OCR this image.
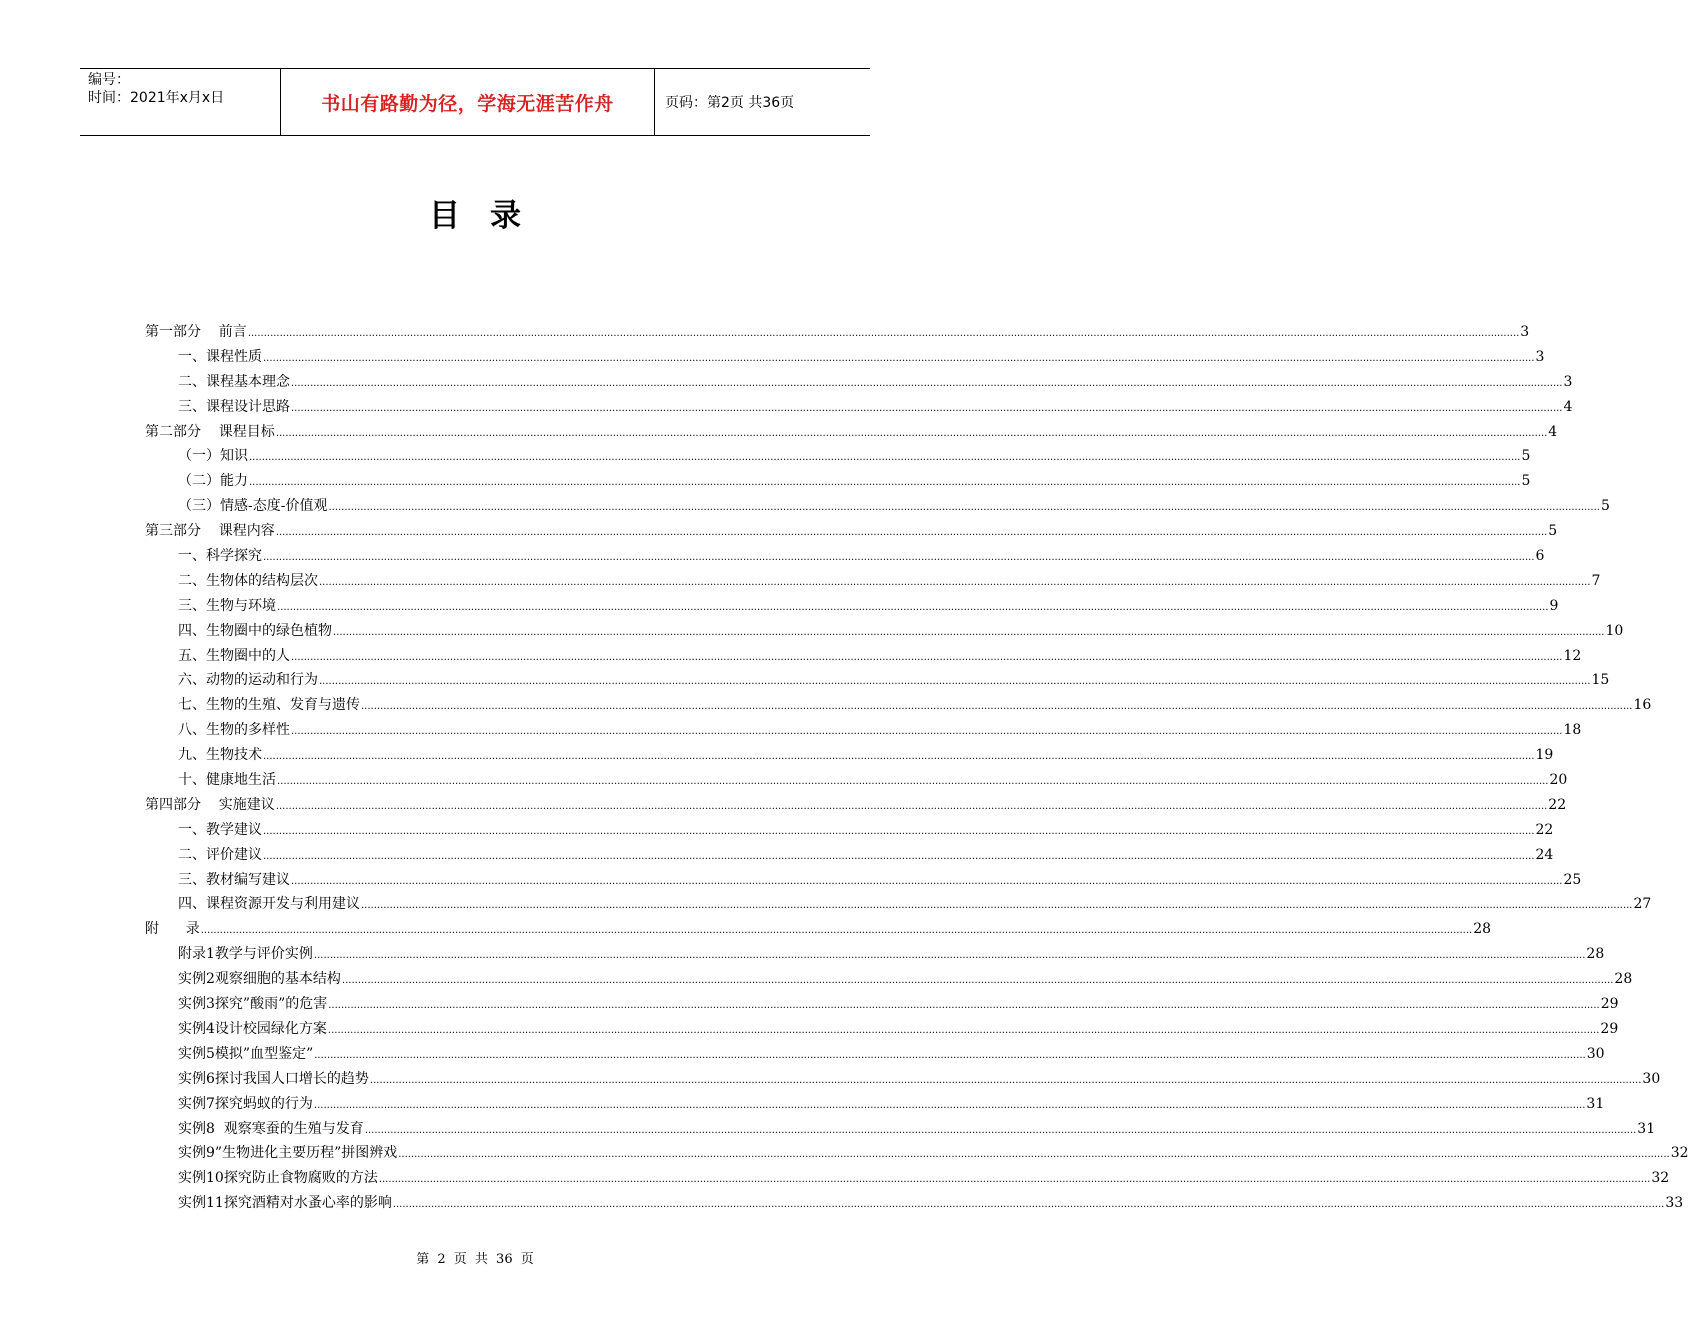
编号：
时间：2021年x月x日	书山有路勤为径，学海无涯苦作舟	页码：第2页 共36页
目录
第一部分    前言 ................................................................................................................................................................................................................................................................................................................................................................................................................ 3
一、课程性质 ................................................................................................................................................................................................................................................................................................................................................................................................................ 3
二、课程基本理念 ................................................................................................................................................................................................................................................................................................................................................................................................................ 3
三、课程设计思路 ................................................................................................................................................................................................................................................................................................................................................................................................................ 4
第二部分    课程目标 ................................................................................................................................................................................................................................................................................................................................................................................................................ 4
（一）知识 ................................................................................................................................................................................................................................................................................................................................................................................................................ 5
（二）能力 ................................................................................................................................................................................................................................................................................................................................................................................................................ 5
（三）情感-态度-价值观 ................................................................................................................................................................................................................................................................................................................................................................................................................ 5
第三部分    课程内容 ................................................................................................................................................................................................................................................................................................................................................................................................................ 5
一、科学探究 ................................................................................................................................................................................................................................................................................................................................................................................................................ 6
二、生物体的结构层次 ................................................................................................................................................................................................................................................................................................................................................................................................................ 7
三、生物与环境 ................................................................................................................................................................................................................................................................................................................................................................................................................ 9
四、生物圈中的绿色植物 ................................................................................................................................................................................................................................................................................................................................................................................................................ 10
五、生物圈中的人 ................................................................................................................................................................................................................................................................................................................................................................................................................ 12
六、动物的运动和行为 ................................................................................................................................................................................................................................................................................................................................................................................................................ 15
七、生物的生殖、发育与遗传 ................................................................................................................................................................................................................................................................................................................................................................................................................ 16
八、生物的多样性 ................................................................................................................................................................................................................................................................................................................................................................................................................ 18
九、生物技术 ................................................................................................................................................................................................................................................................................................................................................................................................................ 19
十、健康地生活 ................................................................................................................................................................................................................................................................................................................................................................................................................ 20
第四部分    实施建议 ................................................................................................................................................................................................................................................................................................................................................................................................................ 22
一、教学建议 ................................................................................................................................................................................................................................................................................................................................................................................................................ 22
二、评价建议 ................................................................................................................................................................................................................................................................................................................................................................................................................ 24
三、教材编写建议 ................................................................................................................................................................................................................................................................................................................................................................................................................ 25
四、课程资源开发与利用建议 ................................................................................................................................................................................................................................................................................................................................................................................................................ 27
附      录 ................................................................................................................................................................................................................................................................................................................................................................................................................ 28
附录1教学与评价实例 ................................................................................................................................................................................................................................................................................................................................................................................................................ 28
实例2观察细胞的基本结构 ................................................................................................................................................................................................................................................................................................................................................................................................................ 28
实例3探究”酸雨”的危害 ................................................................................................................................................................................................................................................................................................................................................................................................................ 29
实例4设计校园绿化方案 ................................................................................................................................................................................................................................................................................................................................................................................................................ 29
实例5模拟”血型鉴定” ................................................................................................................................................................................................................................................................................................................................................................................................................ 30
实例6探讨我国人口增长的趋势 ................................................................................................................................................................................................................................................................................................................................................................................................................ 30
实例7探究蚂蚁的行为 ................................................................................................................................................................................................................................................................................................................................................................................................................ 31
实例8  观察寒蚕的生殖与发育 ................................................................................................................................................................................................................................................................................................................................................................................................................ 31
实例9”生物进化主要历程”拼图辨戏 ................................................................................................................................................................................................................................................................................................................................................................................................................ 32
实例10探究防止食物腐败的方法 ................................................................................................................................................................................................................................................................................................................................................................................................................ 32
实例11探究酒精对水蚤心率的影响 ................................................................................................................................................................................................................................................................................................................................................................................................................ 33
第 2 页 共 36 页
